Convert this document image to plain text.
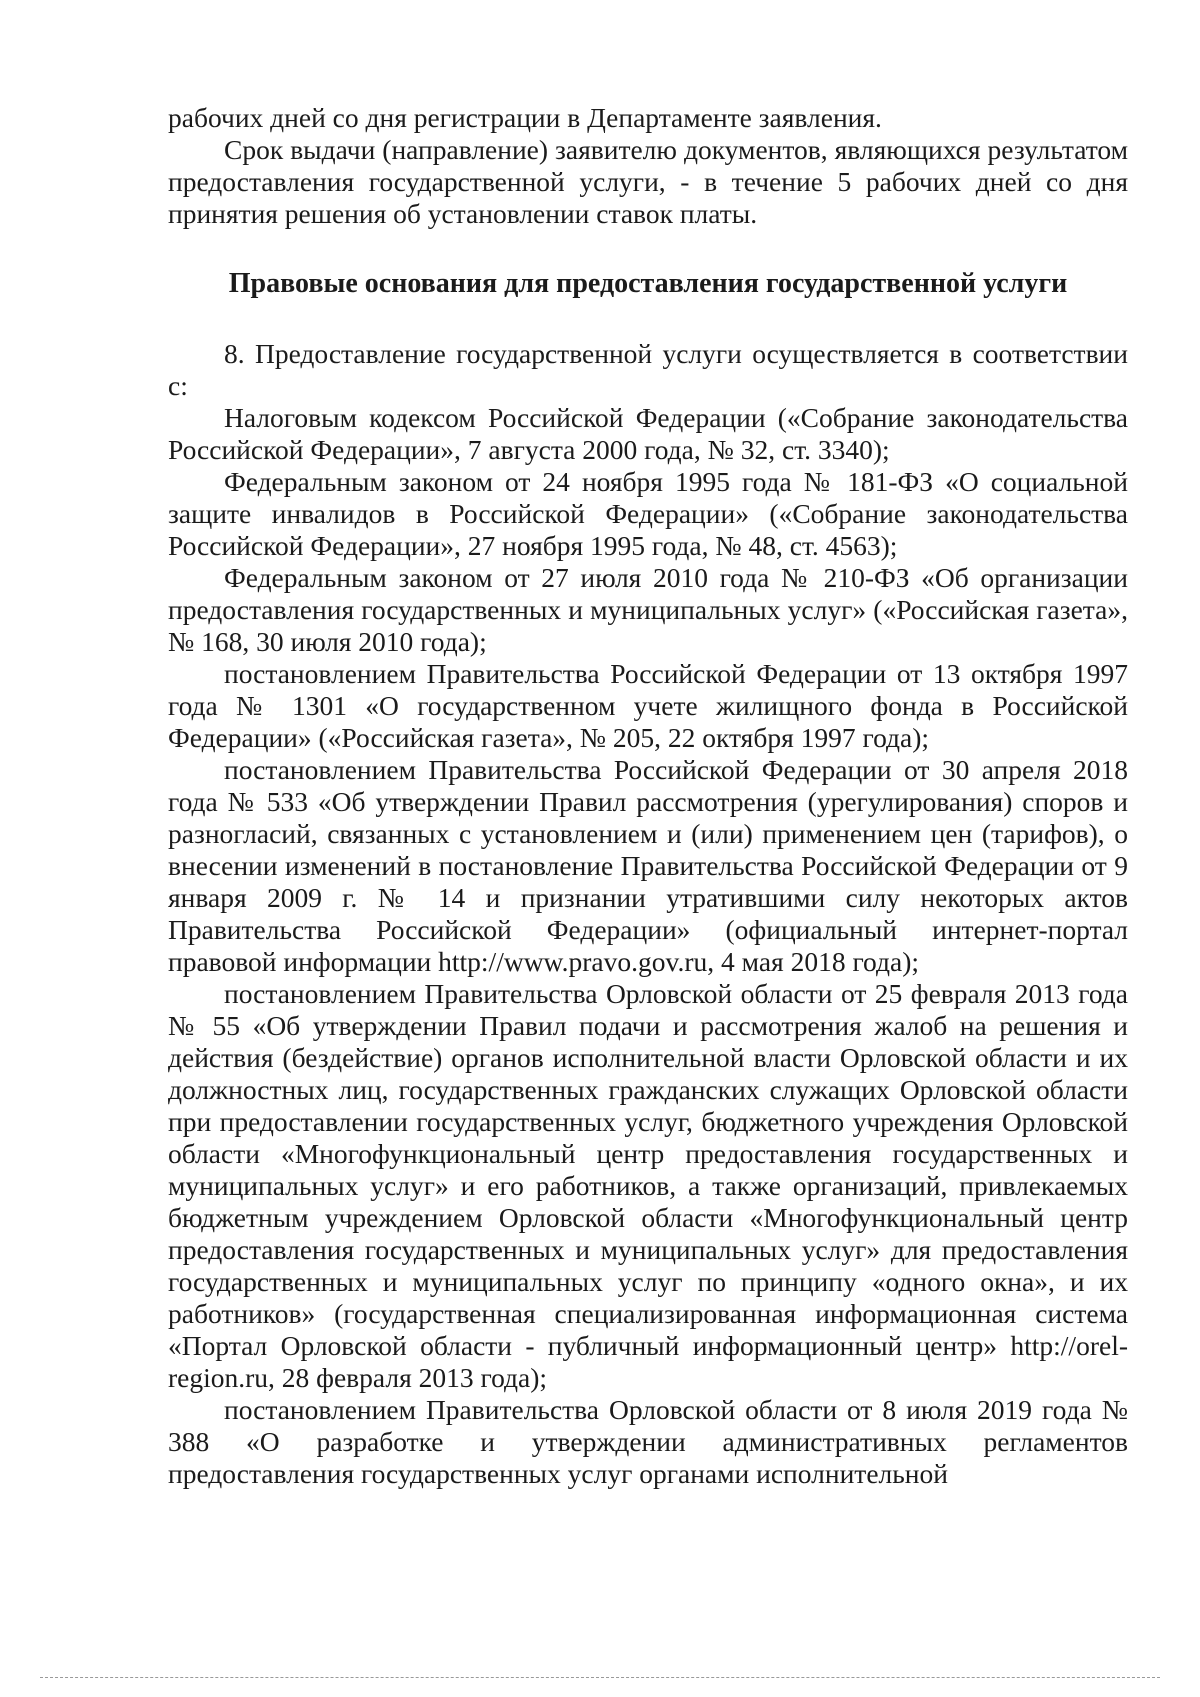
рабочих дней со дня регистрации в Департаменте заявления.

Срок выдачи (направление) заявителю документов, являющихся результатом предоставления государственной услуги, - в течение 5 рабочих дней со дня принятия решения об установлении ставок платы.

Правовые основания для предоставления государственной услуги

8. Предоставление государственной услуги осуществляется в соответствии с:

Налоговым кодексом Российской Федерации («Собрание законодательства Российской Федерации», 7 августа 2000 года, № 32, ст. 3340);

Федеральным законом от 24 ноября 1995 года № 181-ФЗ «О социальной защите инвалидов в Российской Федерации» («Собрание законодательства Российской Федерации», 27 ноября 1995 года, № 48, ст. 4563);

Федеральным законом от 27 июля 2010 года № 210-ФЗ «Об организации предоставления государственных и муниципальных услуг» («Российская газета», № 168, 30 июля 2010 года);

постановлением Правительства Российской Федерации от 13 октября 1997 года № 1301 «О государственном учете жилищного фонда в Российской Федерации» («Российская газета», № 205, 22 октября 1997 года);

постановлением Правительства Российской Федерации от 30 апреля 2018 года № 533 «Об утверждении Правил рассмотрения (урегулирования) споров и разногласий, связанных с установлением и (или) применением цен (тарифов), о внесении изменений в постановление Правительства Российской Федерации от 9 января 2009 г. № 14 и признании утратившими силу некоторых актов Правительства Российской Федерации» (официальный интернет-портал правовой информации http://www.pravo.gov.ru, 4 мая 2018 года);

постановлением Правительства Орловской области от 25 февраля 2013 года № 55 «Об утверждении Правил подачи и рассмотрения жалоб на решения и действия (бездействие) органов исполнительной власти Орловской области и их должностных лиц, государственных гражданских служащих Орловской области при предоставлении государственных услуг, бюджетного учреждения Орловской области «Многофункциональный центр предоставления государственных и муниципальных услуг» и его работников, а также организаций, привлекаемых бюджетным учреждением Орловской области «Многофункциональный центр предоставления государственных и муниципальных услуг» для предоставления государственных и муниципальных услуг по принципу «одного окна», и их работников» (государственная специализированная информационная система «Портал Орловской области - публичный информационный центр» http://orel-region.ru, 28 февраля 2013 года);

постановлением Правительства Орловской области от 8 июля 2019 года № 388 «О разработке и утверждении административных регламентов предоставления государственных услуг органами исполнительной
